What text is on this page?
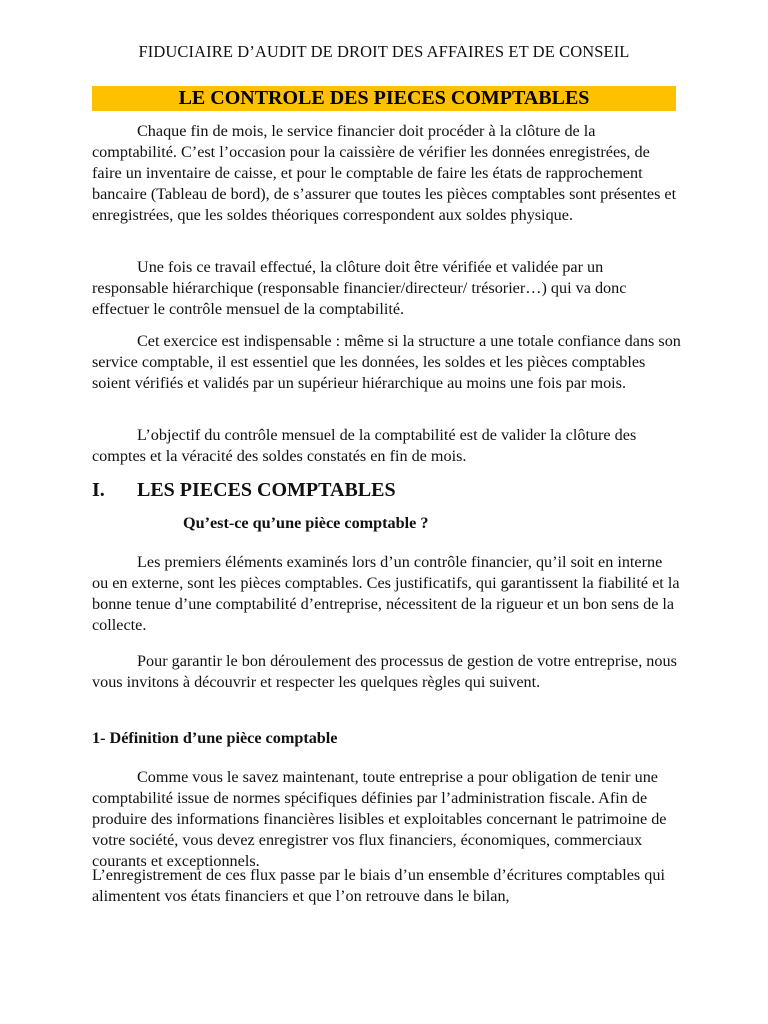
FIDUCIAIRE D’AUDIT DE DROIT DES AFFAIRES ET DE CONSEIL
LE CONTROLE DES PIECES COMPTABLES

Chaque fin de mois, le service financier doit procéder à la clôture de la comptabilité. C’est l’occasion pour la caissière de vérifier les données enregistrées, de faire un inventaire de caisse, et pour le comptable de faire les états de rapprochement bancaire (Tableau de bord), de s’assurer que toutes les pièces comptables sont présentes et enregistrées, que les soldes théoriques correspondent aux soldes physique.

Une fois ce travail effectué, la clôture doit être vérifiée et validée par un responsable hiérarchique (responsable financier/directeur/ trésorier…) qui va donc effectuer le contrôle mensuel de la comptabilité.

Cet exercice est indispensable : même si la structure a une totale confiance dans son service comptable, il est essentiel que les données, les soldes et les pièces comptables soient vérifiés et validés par un supérieur hiérarchique au moins une fois par mois.

L’objectif du contrôle mensuel de la comptabilité est de valider la clôture des comptes et la véracité des soldes constatés en fin de mois.

I. LES PIECES COMPTABLES
Qu’est-ce qu’une pièce comptable ?

Les premiers éléments examinés lors d’un contrôle financier, qu’il soit en interne ou en externe, sont les pièces comptables. Ces justificatifs, qui garantissent la fiabilité et la bonne tenue d’une comptabilité d’entreprise, nécessitent de la rigueur et un bon sens de la collecte.

Pour garantir le bon déroulement des processus de gestion de votre entreprise, nous vous invitons à découvrir et respecter les quelques règles qui suivent.

1- Définition d’une pièce comptable

Comme vous le savez maintenant, toute entreprise a pour obligation de tenir une comptabilité issue de normes spécifiques définies par l’administration fiscale. Afin de produire des informations financières lisibles et exploitables concernant le patrimoine de votre société, vous devez enregistrer vos flux financiers, économiques, commerciaux courants et exceptionnels.

L’enregistrement de ces flux passe par le biais d’un ensemble d’écritures comptables qui alimentent vos états financiers et que l’on retrouve dans le bilan,
